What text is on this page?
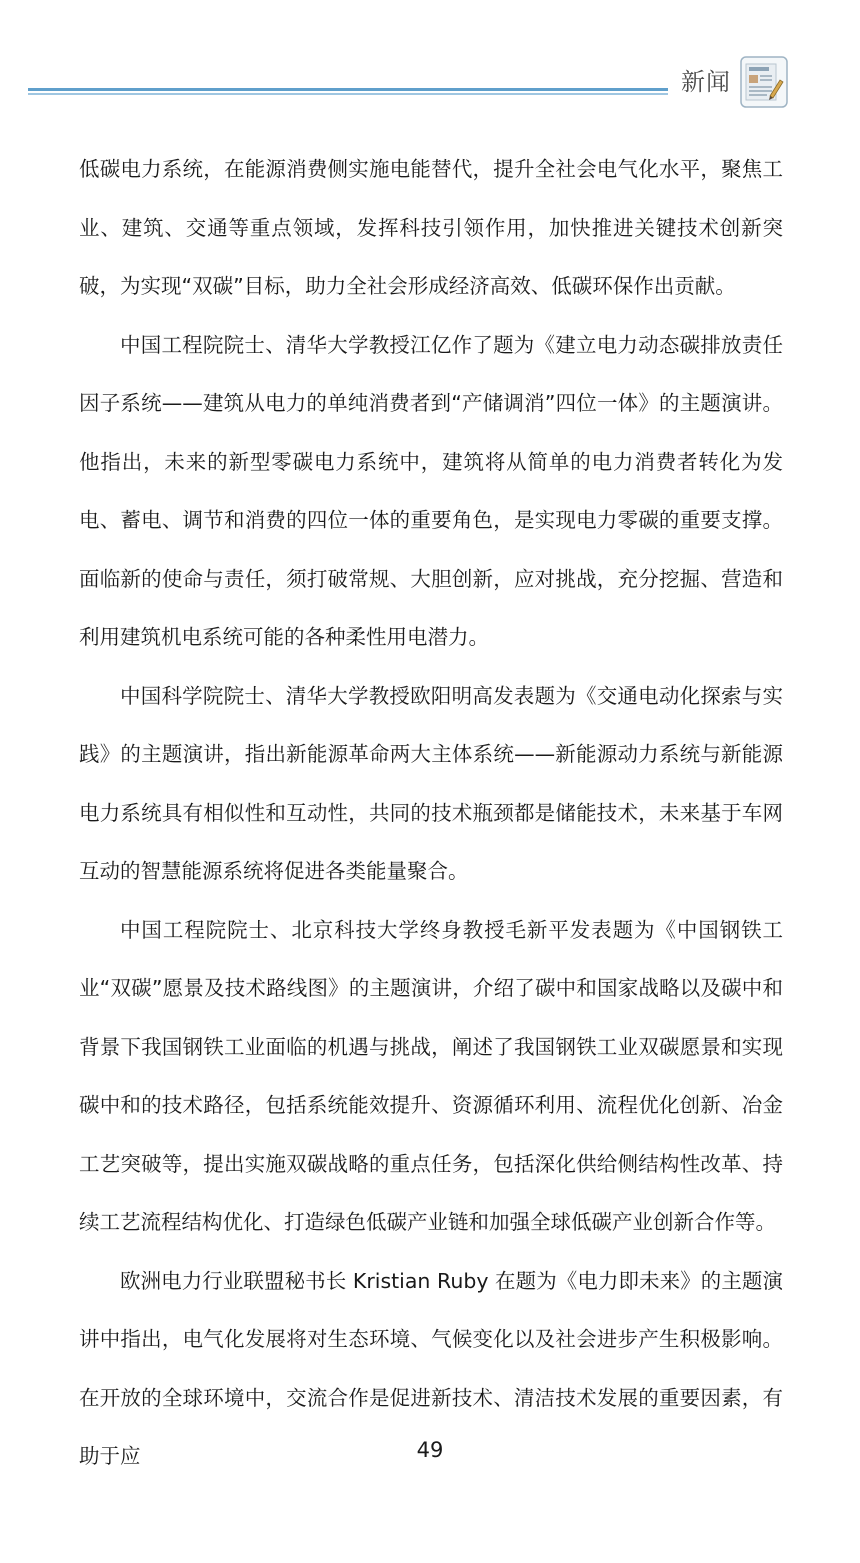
新闻

低碳电力系统，在能源消费侧实施电能替代，提升全社会电气化水平，聚焦工业、建筑、交通等重点领域，发挥科技引领作用，加快推进关键技术创新突破，为实现“双碳”目标，助力全社会形成经济高效、低碳环保作出贡献。

中国工程院院士、清华大学教授江亿作了题为《建立电力动态碳排放责任因子系统——建筑从电力的单纯消费者到“产储调消”四位一体》的主题演讲。他指出，未来的新型零碳电力系统中，建筑将从简单的电力消费者转化为发电、蓄电、调节和消费的四位一体的重要角色，是实现电力零碳的重要支撑。面临新的使命与责任，须打破常规、大胆创新，应对挑战，充分挖掘、营造和利用建筑机电系统可能的各种柔性用电潜力。

中国科学院院士、清华大学教授欧阳明高发表题为《交通电动化探索与实践》的主题演讲，指出新能源革命两大主体系统——新能源动力系统与新能源电力系统具有相似性和互动性，共同的技术瓶颈都是储能技术，未来基于车网互动的智慧能源系统将促进各类能量聚合。

中国工程院院士、北京科技大学终身教授毛新平发表题为《中国钢铁工业“双碳”愿景及技术路线图》的主题演讲，介绍了碳中和国家战略以及碳中和背景下我国钢铁工业面临的机遇与挑战，阐述了我国钢铁工业双碳愿景和实现碳中和的技术路径，包括系统能效提升、资源循环利用、流程优化创新、冶金工艺突破等，提出实施双碳战略的重点任务，包括深化供给侧结构性改革、持续工艺流程结构优化、打造绿色低碳产业链和加强全球低碳产业创新合作等。

欧洲电力行业联盟秘书长 Kristian Ruby 在题为《电力即未来》的主题演讲中指出，电气化发展将对生态环境、气候变化以及社会进步产生积极影响。在开放的全球环境中，交流合作是促进新技术、清洁技术发展的重要因素，有助于应	49
